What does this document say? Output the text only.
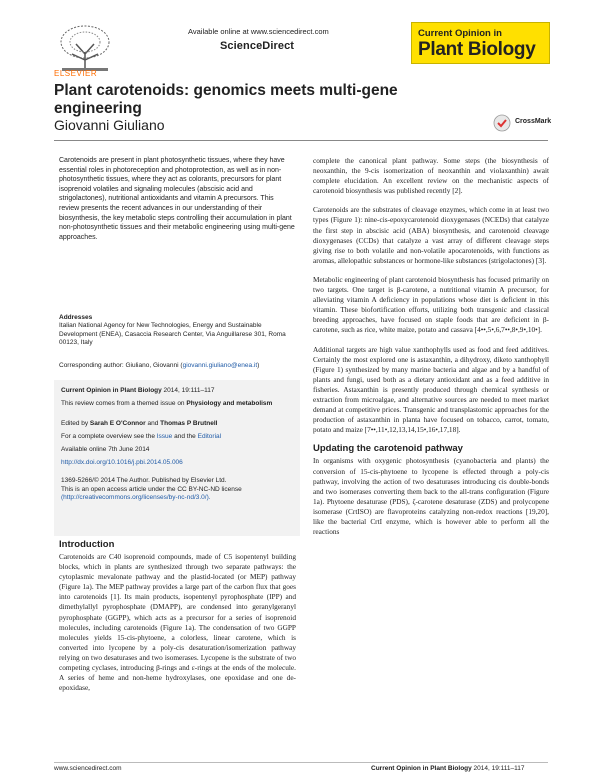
Available online at www.sciencedirect.com
ScienceDirect
ELSEVIER
Current Opinion in
Plant Biology
Plant carotenoids: genomics meets multi-gene engineering
Giovanni Giuliano	CrossMark
Carotenoids are present in plant photosynthetic tissues, where they have essential roles in photoreception and photoprotection, as well as in non-photosynthetic tissues, where they act as colorants, precursors for plant isoprenoid volatiles and signaling molecules (abscisic acid and strigolactones), nutritional antioxidants and vitamin A precursors. This review presents the recent advances in our understanding of their biosynthesis, the key metabolic steps controlling their accumulation in plant non-photosynthetic tissues and their metabolic engineering using multi-gene approaches.
Addresses
Italian National Agency for New Technologies, Energy and Sustainable Development (ENEA), Casaccia Research Center, Via Anguillarese 301, Roma 00123, Italy
Corresponding author: Giuliano, Giovanni (giovanni.giuliano@enea.it)
Current Opinion in Plant Biology 2014, 19:111–117
This review comes from a themed issue on Physiology and metabolism
Edited by Sarah E O'Connor and Thomas P Brutnell
For a complete overview see the Issue and the Editorial
Available online 7th June 2014
http://dx.doi.org/10.1016/j.pbi.2014.05.006
1369-5266/© 2014 The Author. Published by Elsevier Ltd.
This is an open access article under the CC BY-NC-ND license
(http://creativecommons.org/licenses/by-nc-nd/3.0/).
Introduction
Carotenoids are C40 isoprenoid compounds, made of C5 isopentenyl building blocks, which in plants are synthesized through two separate pathways: the cytoplasmic mevalonate pathway and the plastid-located (or MEP) pathway (Figure 1a). The MEP pathway provides a large part of the carbon flux that goes into carotenoids [1]. Its main products, isopentenyl pyrophosphate (IPP) and dimethylallyl pyrophosphate (DMAPP), are condensed into geranylgeranyl pyrophosphate (GGPP), which acts as a precursor for a series of isoprenoid molecules, including carotenoids (Figure 1a). The condensation of two GGPP molecules yields 15-cis-phytoene, a colorless, linear carotene, which is converted into lycopene by a poly-cis desaturation/isomerization pathway relying on two desaturases and two isomerases. Lycopene is the substrate of two competing cyclases, introducing β-rings and ε-rings at the ends of the molecule. A series of heme and non-heme hydroxylases, one epoxidase and one de-epoxidase,

complete the canonical plant pathway. Some steps (the biosynthesis of neoxanthin, the 9-cis isomerization of neoxanthin and violaxanthin) await complete elucidation. An excellent review on the mechanistic aspects of carotenoid biosynthesis was published recently [2].

Carotenoids are the substrates of cleavage enzymes, which come in at least two types (Figure 1): nine-cis-epoxycarotenoid dioxygenases (NCEDs) that catalyze the first step in abscisic acid (ABA) biosynthesis, and carotenoid cleavage dioxygenases (CCDs) that catalyze a vast array of different cleavage steps giving rise to both volatile and non-volatile apocarotenoids, with functions as aromas, allelopathic substances or hormone-like substances (strigolactones) [3].

Metabolic engineering of plant carotenoid biosynthesis has focused primarily on two targets. One target is β-carotene, a nutritional vitamin A precursor, for alleviating vitamin A deficiency in populations whose diet is deficient in this vitamin. These biofortification efforts, utilizing both transgenic and classical breeding approaches, have focused on staple foods that are deficient in β-carotene, such as rice, white maize, potato and cassava [4••,5•,6,7••,8•,9•,10•].

Additional targets are high value xanthophylls used as food and feed additives. Certainly the most explored one is astaxanthin, a dihydroxy, diketo xanthophyll (Figure 1) synthesized by many marine bacteria and algae and by a handful of plants and fungi, used both as a dietary antioxidant and as a feed additive in fisheries. Astaxanthin is presently produced through chemical synthesis or extraction from microalgae, and alternative sources are needed to meet market demand at competitive prices. Transgenic and transplastomic approaches for the production of astaxanthin in planta have focused on tobacco, carrot, tomato, potato and maize [7••,11•,12,13,14,15•,16•,17,18].

Updating the carotenoid pathway

In organisms with oxygenic photosynthesis (cyanobacteria and plants) the conversion of 15-cis-phytoene to lycopene is effected through a poly-cis pathway, involving the action of two desaturases introducing cis double-bonds and two isomerases converting them back to the all-trans configuration (Figure 1a). Phytoene desaturase (PDS), ζ-carotene desaturase (ZDS) and prolycopene isomerase (CrtISO) are flavoproteins catalyzing non-redox reactions [19,20], like the bacterial CrtI enzyme, which is however able to perform all the reactions

www.sciencedirect.com	Current Opinion in Plant Biology 2014, 19:111–117
